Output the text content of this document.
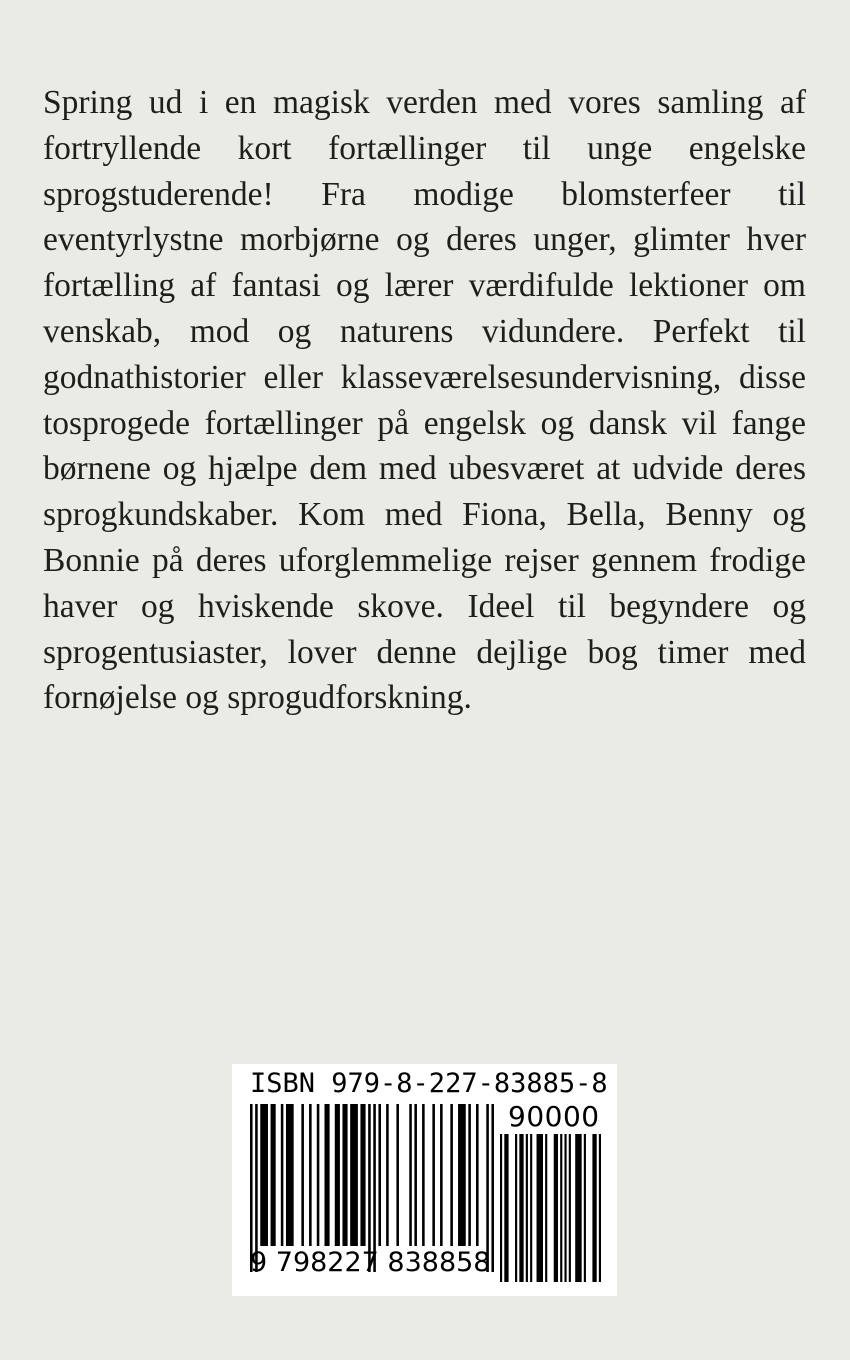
Spring ud i en magisk verden med vores samling af fortryllende kort fortællinger til unge engelske sprogstuderende! Fra modige blomsterfeer til eventyrlystne morbjørne og deres unger, glimter hver fortælling af fantasi og lærer værdifulde lektioner om venskab, mod og naturens vidundere. Perfekt til godnathistorier eller klasseværelsesundervisning, disse tosprogede fortællinger på engelsk og dansk vil fange børnene og hjælpe dem med ubesværet at udvide deres sprogkundskaber. Kom med Fiona, Bella, Benny og Bonnie på deres uforglemmelige rejser gennem frodige haver og hviskende skove. Ideel til begyndere og sprogentusiaster, lover denne dejlige bog timer med fornøjelse og sprogudforskning.

ISBN 979-8-227-83885-8
90000
9 798227 838858
